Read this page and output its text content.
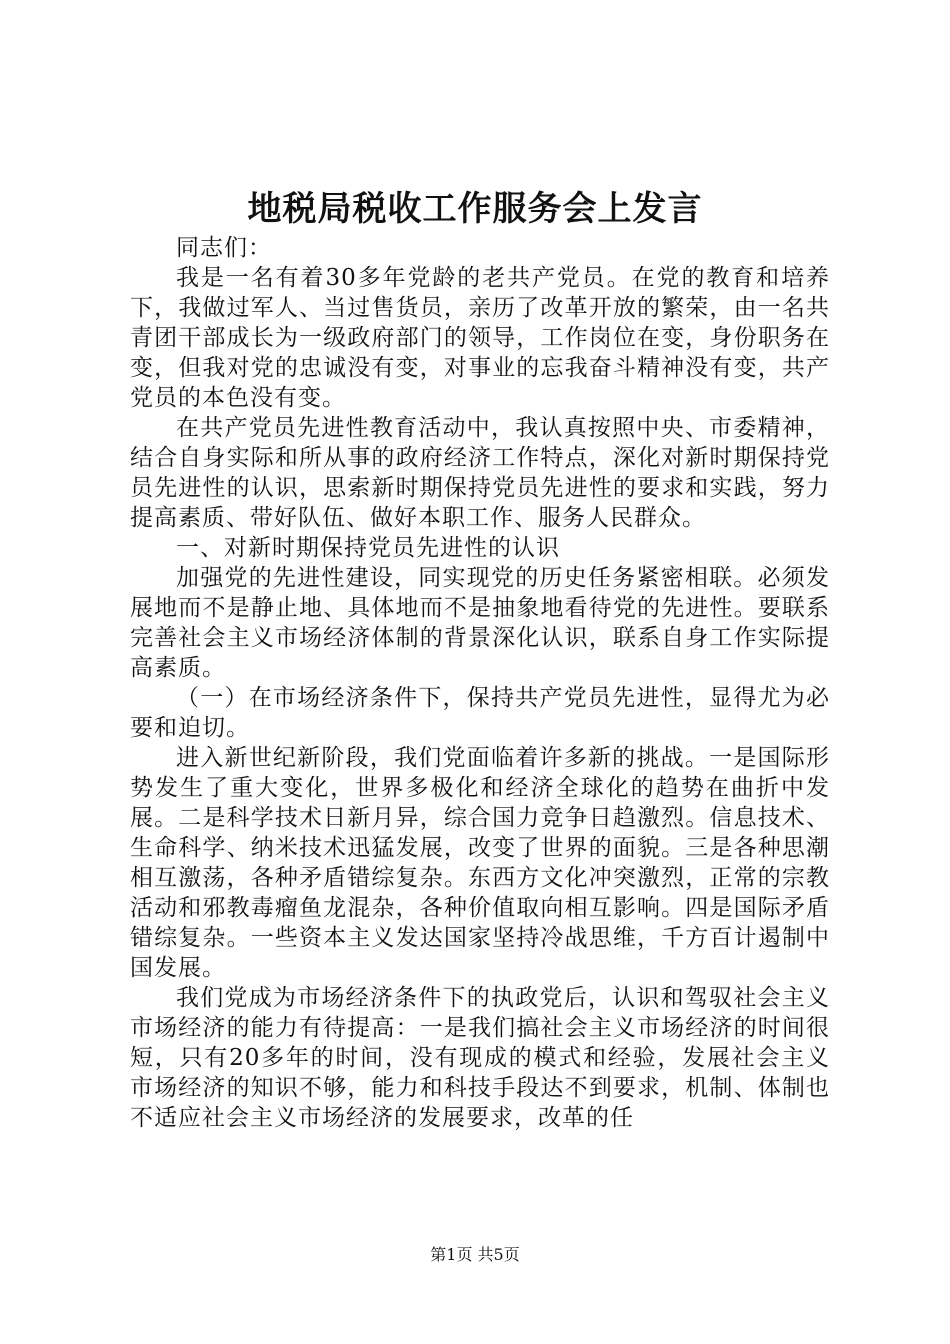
地税局税收工作服务会上发言

同志们：

我是一名有着30多年党龄的老共产党员。在党的教育和培养下，我做过军人、当过售货员，亲历了改革开放的繁荣，由一名共青团干部成长为一级政府部门的领导，工作岗位在变，身份职务在变，但我对党的忠诚没有变，对事业的忘我奋斗精神没有变，共产党员的本色没有变。

在共产党员先进性教育活动中，我认真按照中央、市委精神，结合自身实际和所从事的政府经济工作特点，深化对新时期保持党员先进性的认识，思索新时期保持党员先进性的要求和实践，努力提高素质、带好队伍、做好本职工作、服务人民群众。

一、对新时期保持党员先进性的认识

加强党的先进性建设，同实现党的历史任务紧密相联。必须发展地而不是静止地、具体地而不是抽象地看待党的先进性。要联系完善社会主义市场经济体制的背景深化认识，联系自身工作实际提高素质。

（一）在市场经济条件下，保持共产党员先进性，显得尤为必要和迫切。

进入新世纪新阶段，我们党面临着许多新的挑战。一是国际形势发生了重大变化，世界多极化和经济全球化的趋势在曲折中发展。二是科学技术日新月异，综合国力竞争日趋激烈。信息技术、生命科学、纳米技术迅猛发展，改变了世界的面貌。三是各种思潮相互激荡，各种矛盾错综复杂。东西方文化冲突激烈，正常的宗教活动和邪教毒瘤鱼龙混杂，各种价值取向相互影响。四是国际矛盾错综复杂。一些资本主义发达国家坚持冷战思维，千方百计遏制中国发展。

我们党成为市场经济条件下的执政党后，认识和驾驭社会主义市场经济的能力有待提高：一是我们搞社会主义市场经济的时间很短，只有20多年的时间，没有现成的模式和经验，发展社会主义市场经济的知识不够，能力和科技手段达不到要求，机制、体制也不适应社会主义市场经济的发展要求，改革的任

第1页 共5页
